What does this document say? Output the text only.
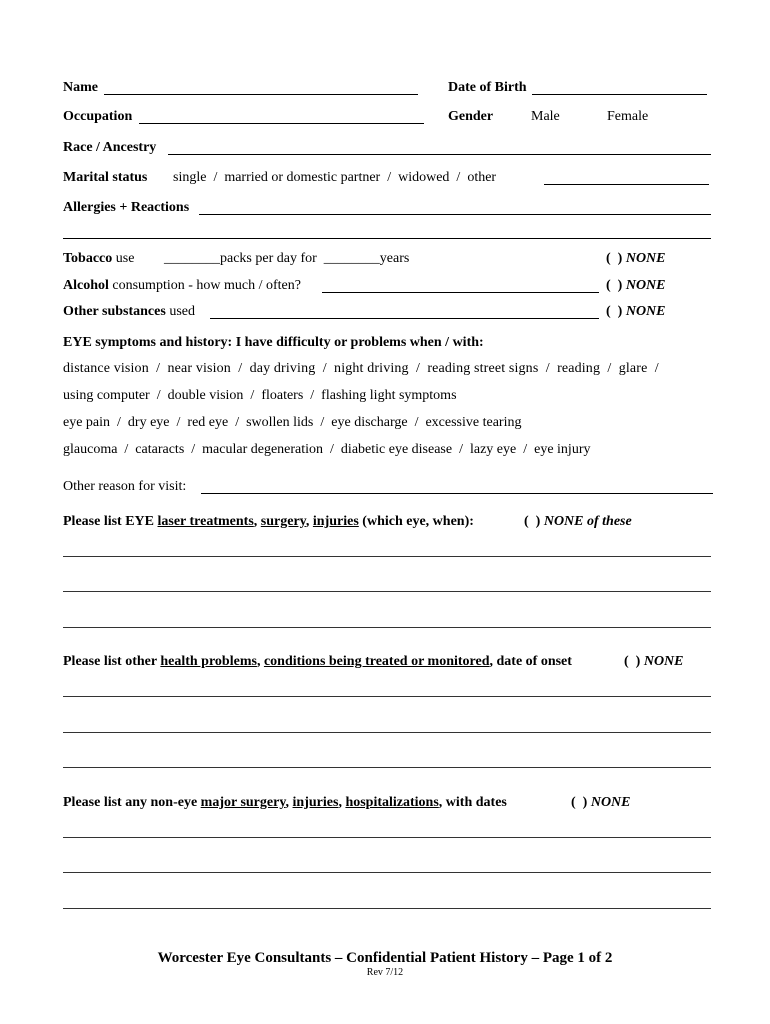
Name	Date of Birth
Occupation	Gender	Male	Female
Race / Ancestry
Marital status single  /  married or domestic partner  /  widowed  /  other
Allergies + Reactions
Tobacco use ________packs per day for  ________years	(  ) NONE
Alcohol consumption - how much / often?	(  ) NONE
Other substances used	(  ) NONE
EYE symptoms and history: I have difficulty or problems when / with:
distance vision  /  near vision  /  day driving  /  night driving  /  reading street signs  /  reading  /  glare  /
using computer  /  double vision  /  floaters  /  flashing light symptoms
eye pain  /  dry eye  /  red eye  /  swollen lids  /  eye discharge  /  excessive tearing
glaucoma  /  cataracts  /  macular degeneration  /  diabetic eye disease  /  lazy eye  /  eye injury
Other reason for visit:
Please list EYE laser treatments, surgery, injuries (which eye, when):	(  ) NONE of these
Please list other health problems, conditions being treated or monitored, date of onset	(  ) NONE
Please list any non-eye major surgery, injuries, hospitalizations, with dates	(  ) NONE
Worcester Eye Consultants – Confidential Patient History – Page 1 of 2
Rev 7/12
